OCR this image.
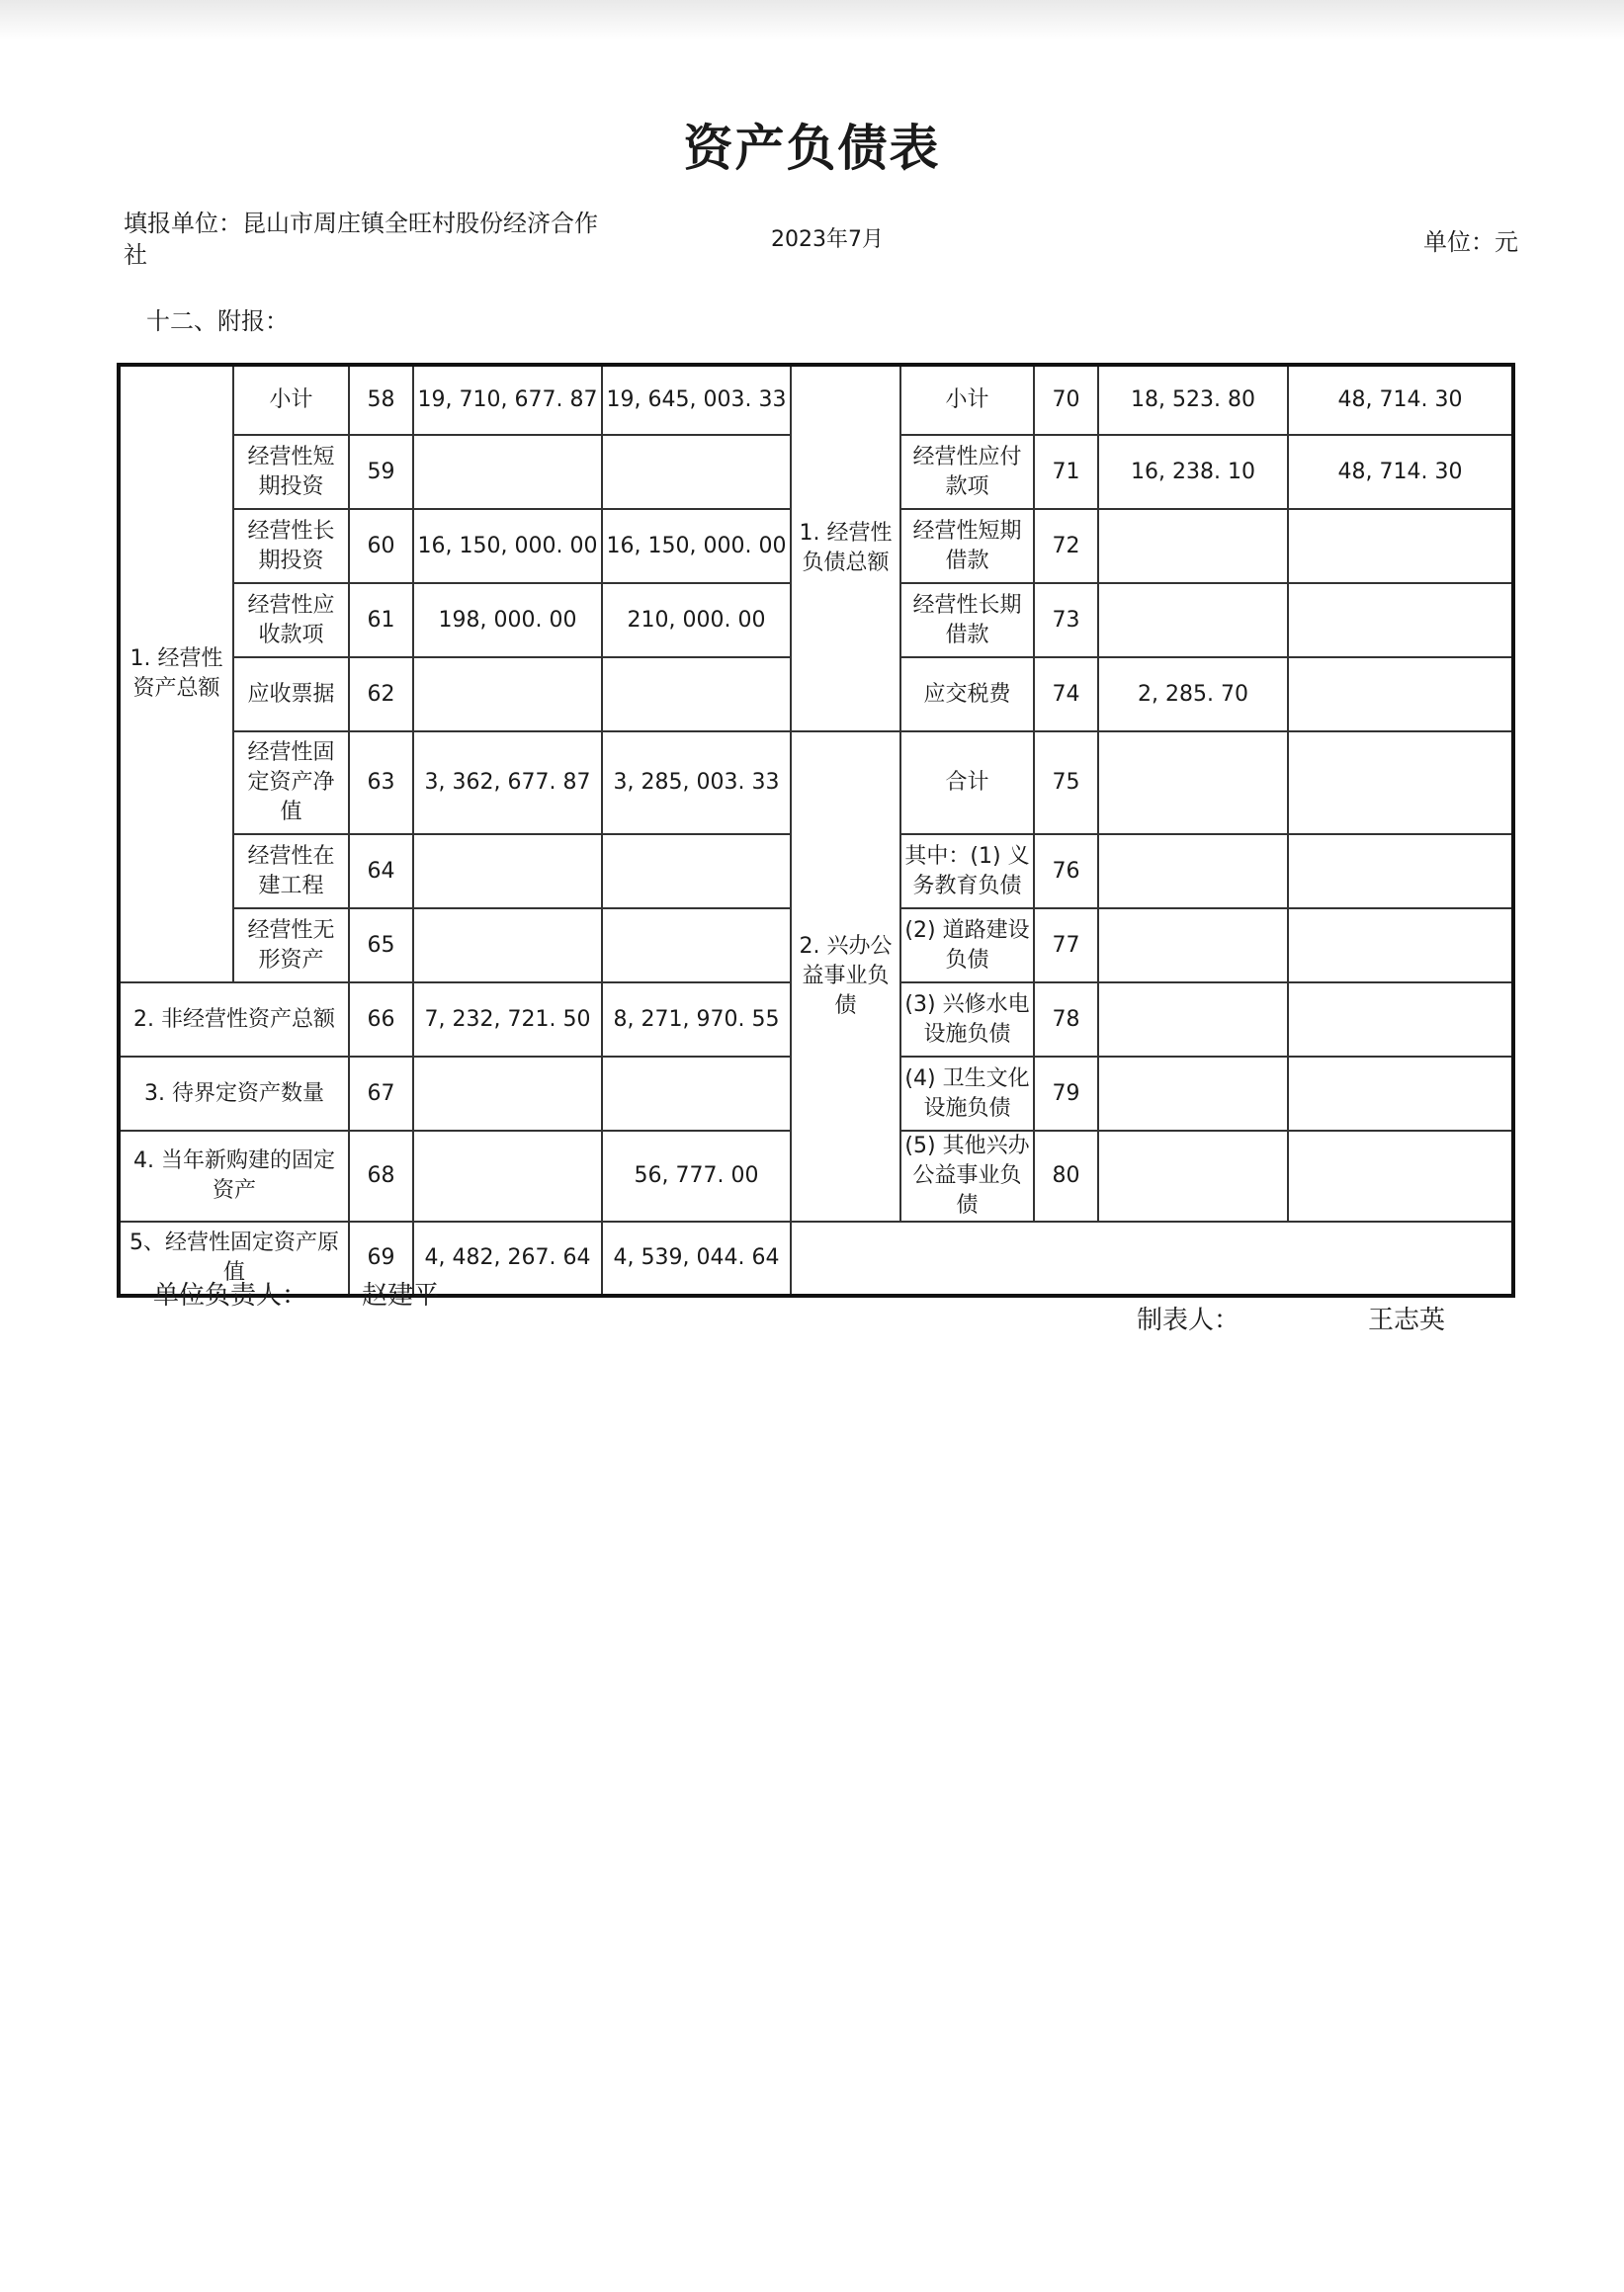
资产负债表
填报单位：昆山市周庄镇全旺村股份经济合作社
2023年7月	单位：元
十二、附报：
1. 经营性资产总额	小计	58	19, 710, 677. 87	19, 645, 003. 33	1. 经营性负债总额	小计	70	18, 523. 80	48, 714. 30
	经营性短期投资	59				经营性应付款项	71	16, 238. 10	48, 714. 30
	经营性长期投资	60	16, 150, 000. 00	16, 150, 000. 00		经营性短期借款	72		
	经营性应收款项	61	198, 000. 00	210, 000. 00		经营性长期借款	73		
	应收票据	62				应交税费	74	2, 285. 70	
	经营性固定资产净值	63	3, 362, 677. 87	3, 285, 003. 33	2. 兴办公益事业负债	合计	75		
	经营性在建工程	64				其中：(1) 义务教育负债	76		
	经营性无形资产	65				(2) 道路建设负债	77		
2. 非经营性资产总额		66	7, 232, 721. 50	8, 271, 970. 55		(3) 兴修水电设施负债	78		
3. 待界定资产数量		67				(4) 卫生文化设施负债	79		
4. 当年新购建的固定资产		68		56, 777. 00		(5) 其他兴办公益事业负债	80		
5、经营性固定资产原值		69	4, 482, 267. 64	4, 539, 044. 64					
单位负责人： 赵建平
制表人：	王志英
